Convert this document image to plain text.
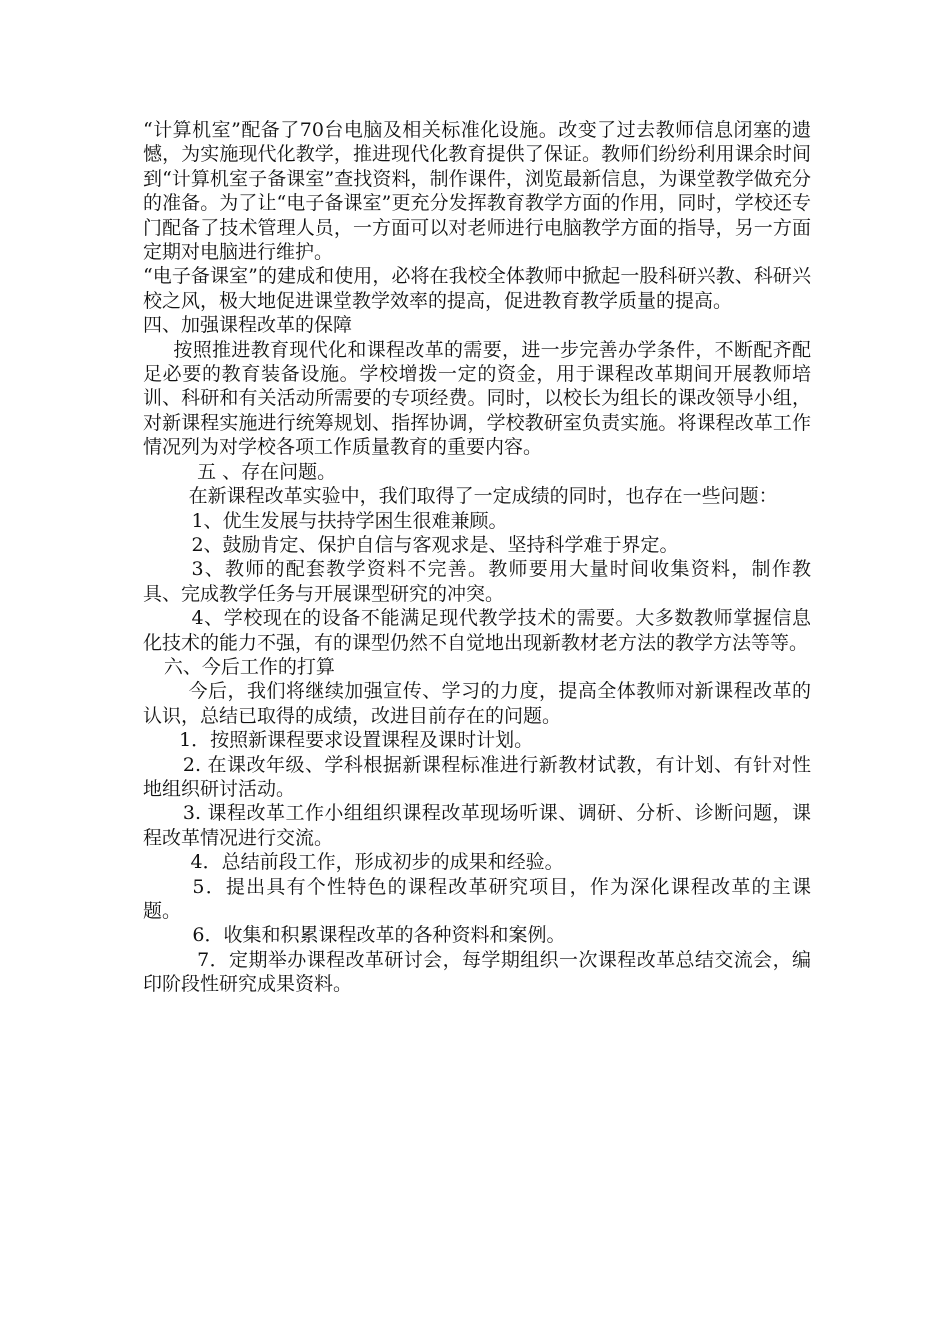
“计算机室”配备了70台电脑及相关标准化设施。改变了过去教师信息闭塞的遗憾，为实施现代化教学，推进现代化教育提供了保证。教师们纷纷利用课余时间到“计算机室子备课室”查找资料，制作课件，浏览最新信息，为课堂教学做充分的准备。为了让“电子备课室”更充分发挥教育教学方面的作用，同时，学校还专门配备了技术管理人员，一方面可以对老师进行电脑教学方面的指导，另一方面定期对电脑进行维护。

“电子备课室”的建成和使用，必将在我校全体教师中掀起一股科研兴教、科研兴校之风，极大地促进课堂教学效率的提高，促进教育教学质量的提高。

四、加强课程改革的保障

按照推进教育现代化和课程改革的需要，进一步完善办学条件，不断配齐配足必要的教育装备设施。学校增拨一定的资金，用于课程改革期间开展教师培训、科研和有关活动所需要的专项经费。同时，以校长为组长的课改领导小组，对新课程实施进行统筹规划、指挥协调，学校教研室负责实施。将课程改革工作情况列为对学校各项工作质量教育的重要内容。

五 、存在问题。

在新课程改革实验中，我们取得了一定成绩的同时，也存在一些问题：

1、优生发展与扶持学困生很难兼顾。

2、鼓励肯定、保护自信与客观求是、坚持科学难于界定。

3、教师的配套教学资料不完善。教师要用大量时间收集资料，制作教具、完成教学任务与开展课型研究的冲突。

4、学校现在的设备不能满足现代教学技术的需要。大多数教师掌握信息化技术的能力不强，有的课型仍然不自觉地出现新教材老方法的教学方法等等。

六、今后工作的打算

今后，我们将继续加强宣传、学习的力度，提高全体教师对新课程改革的认识，总结已取得的成绩，改进目前存在的问题。

1．按照新课程要求设置课程及课时计划。

2. 在课改年级、学科根据新课程标准进行新教材试教，有计划、有针对性地组织研讨活动。

3. 课程改革工作小组组织课程改革现场听课、调研、分析、诊断问题，课程改革情况进行交流。

4．总结前段工作，形成初步的成果和经验。

5．提出具有个性特色的课程改革研究项目，作为深化课程改革的主课题。

6．收集和积累课程改革的各种资料和案例。

7．定期举办课程改革研讨会，每学期组织一次课程改革总结交流会，编印阶段性研究成果资料。
